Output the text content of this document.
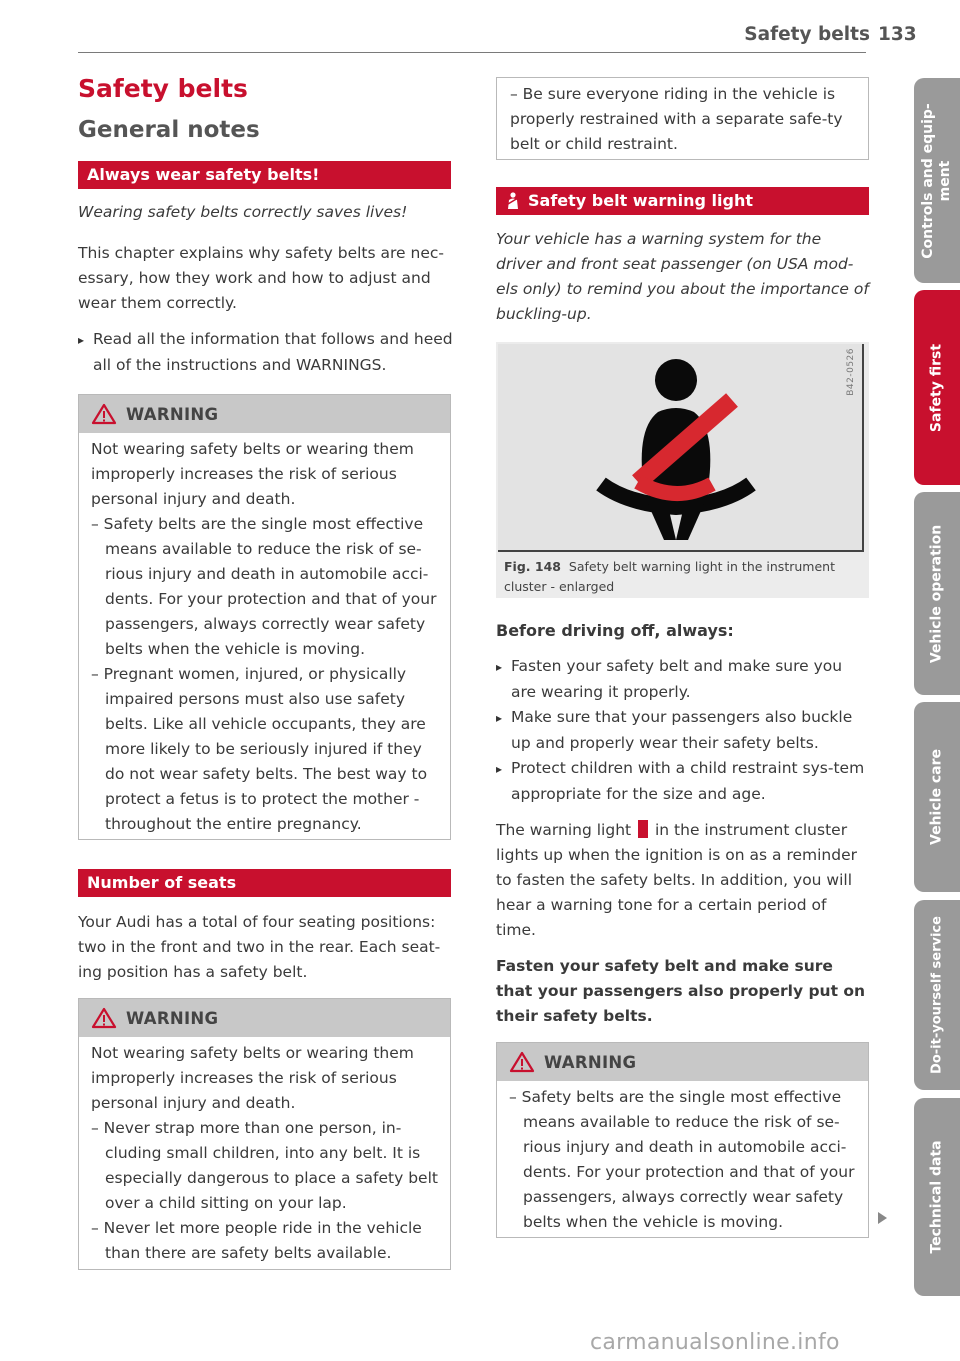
Safety belts 133
Safety belts
General notes
Always wear safety belts!
Wearing safety belts correctly saves lives!
This chapter explains why safety belts are nec-essary, how they work and how to adjust and wear them correctly.
▸ Read all the information that follows and heed all of the instructions and WARNINGS.
WARNING

Not wearing safety belts or wearing them improperly increases the risk of serious personal injury and death.

– Safety belts are the single most effective means available to reduce the risk of se-rious injury and death in automobile acci-dents. For your protection and that of your passengers, always correctly wear safety belts when the vehicle is moving.

– Pregnant women, injured, or physically impaired persons must also use safety belts. Like all vehicle occupants, they are more likely to be seriously injured if they do not wear safety belts. The best way to protect a fetus is to protect the mother - throughout the entire pregnancy.

Number of seats
Your Audi has a total of four seating positions: two in the front and two in the rear. Each seat-ing position has a safety belt.
WARNING

Not wearing safety belts or wearing them improperly increases the risk of serious personal injury and death.

– Never strap more than one person, in-cluding small children, into any belt. It is especially dangerous to place a safety belt over a child sitting on your lap.

– Never let more people ride in the vehicle than there are safety belts available.

– Be sure everyone riding in the vehicle is properly restrained with a separate safe-ty belt or child restraint.
Safety belt warning light
Your vehicle has a warning system for the driver and front seat passenger (on USA mod-els only) to remind you about the importance of buckling-up.
B42-0526
Fig. 148 Safety belt warning light in the instrument cluster - enlarged
Before driving off, always:

▸ Fasten your safety belt and make sure you are wearing it properly.

▸ Make sure that your passengers also buckle up and properly wear their safety belts.

▸ Protect children with a child restraint sys-tem appropriate for the size and age.

The warning light in the instrument cluster lights up when the ignition is on as a reminder to fasten the safety belts. In addition, you will hear a warning tone for a certain period of time.
Fasten your safety belt and make sure that your passengers also properly put on their safety belts.
WARNING

– Safety belts are the single most effective means available to reduce the risk of se-rious injury and death in automobile acci-dents. For your protection and that of your passengers, always correctly wear safety belts when the vehicle is moving.

Controls and equip-
ment
Safety first
Vehicle operation
Vehicle care
Do-it-yourself service
Technical data
carmanualsonline.info
